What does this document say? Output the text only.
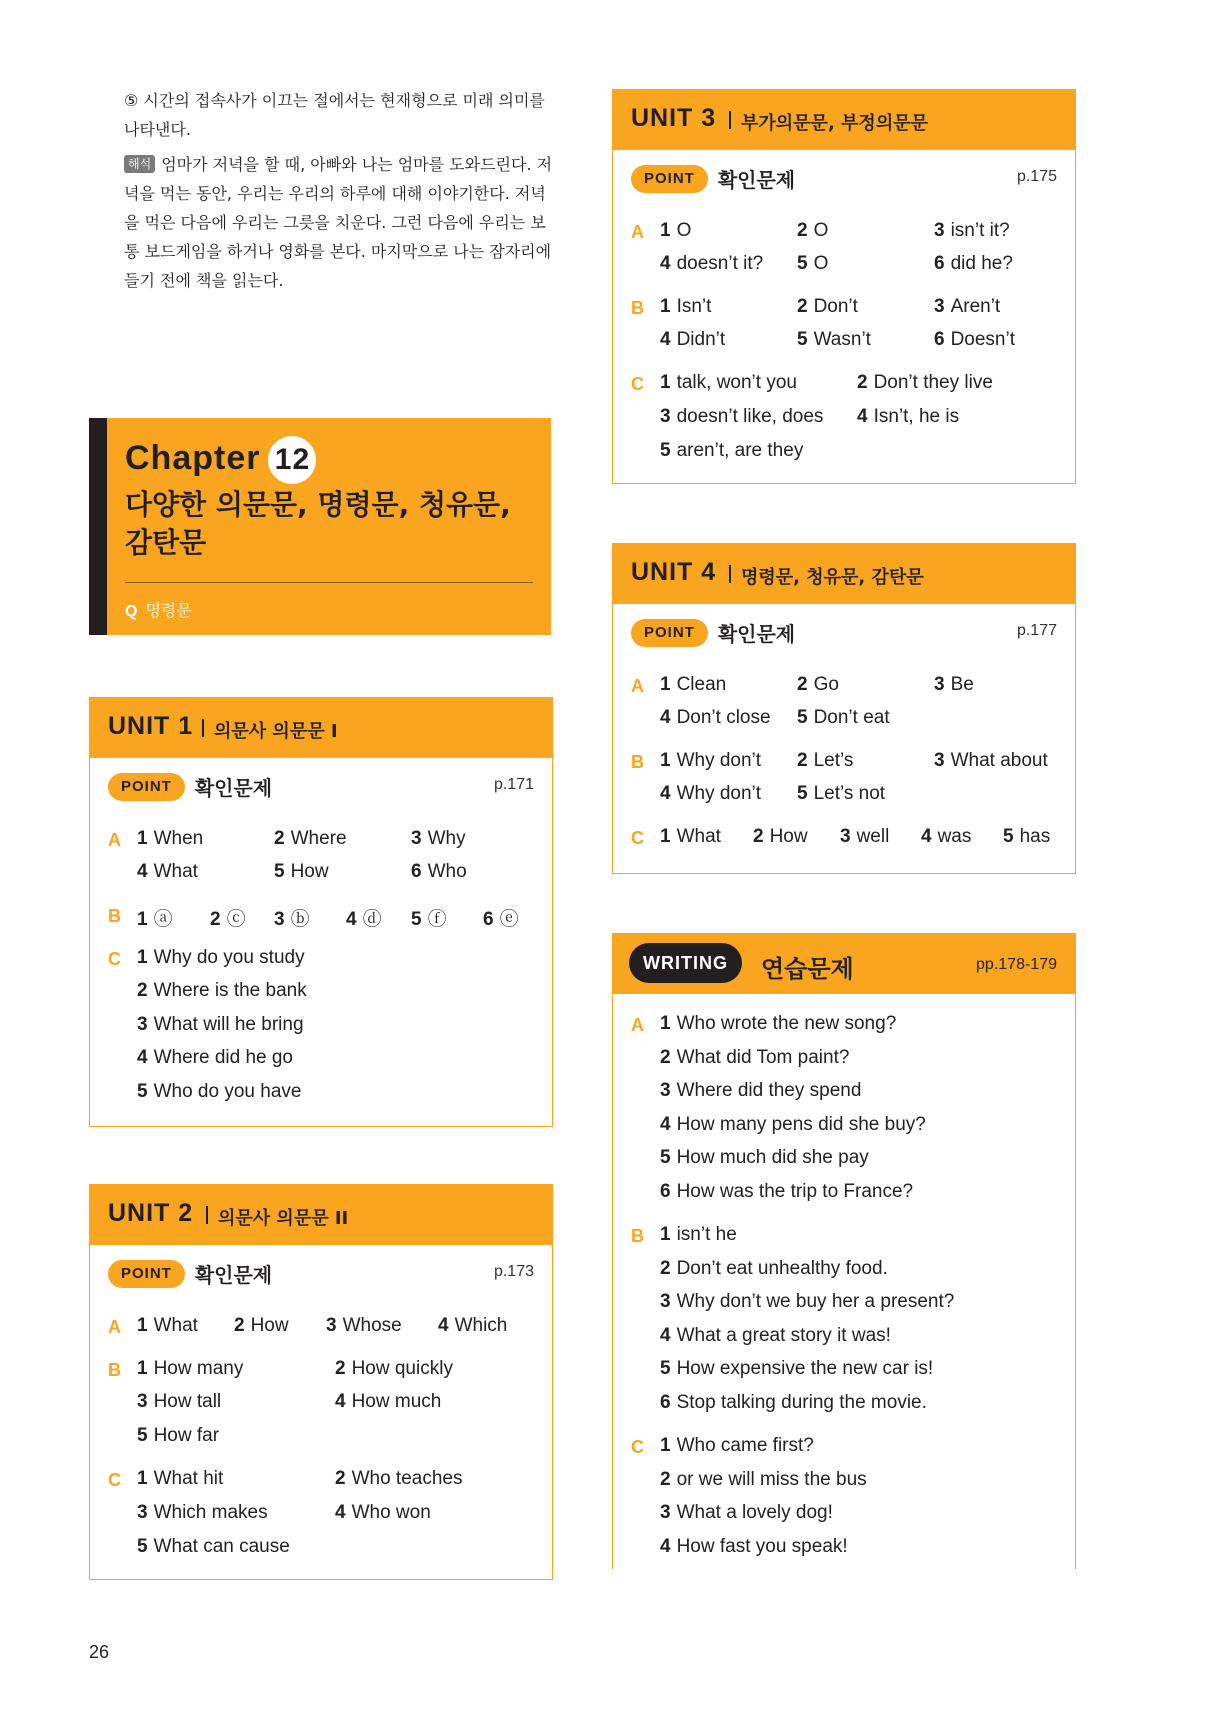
⑤ 시간의 접속사가 이끄는 절에서는 현재형으로 미래 의미를 나타낸다.

해석 엄마가 저녁을 할 때, 아빠와 나는 엄마를 도와드린다. 저녁을 먹는 동안, 우리는 우리의 하루에 대해 이야기한다. 저녁을 먹은 다음에 우리는 그릇을 치운다. 그런 다음에 우리는 보통 보드게임을 하거나 영화를 본다. 마지막으로 나는 잠자리에 들기 전에 책을 읽는다.

Chapter 12
다양한 의문문, 명령문, 청유문, 감탄문
Q 명령문
UNIT 1 의문사 의문문 I
POINT 확인문제	p.171
A 1 When	2 Where	3 Why
4 What	5 How	6 Who
B 1 ⓐ 2 ⓒ 3 ⓑ 4 ⓓ 5 ⓕ 6 ⓔ
C 1 Why do you study
2 Where is the bank
3 What will he bring
4 Where did he go
5 Who do you have
UNIT 2 의문사 의문문 II
POINT 확인문제	p.173
A 1 What 2 How 3 Whose 4 Which
B 1 How many	2 How quickly
3 How tall	4 How much
5 How far
C 1 What hit	2 Who teaches
3 Which makes	4 Who won
5 What can cause
UNIT 3 부가의문문, 부정의문문
POINT 확인문제	p.175
A 1 O	2 O	3 isn’t it?
4 doesn’t it? 5 O	6 did he?
B 1 Isn’t	2 Don’t	3 Aren’t
4 Didn’t	5 Wasn’t	6 Doesn’t
C 1 talk, won’t you	2 Don’t they live
3 doesn’t like, does 4 Isn’t, he is
5 aren’t, are they
UNIT 4 명령문, 청유문, 감탄문
POINT 확인문제	p.177
A 1 Clean	2 Go	3 Be
4 Don’t close 5 Don’t eat
B 1 Why don’t 2 Let’s	3 What about
4 Why don’t 5 Let’s not
C 1 What 2 How 3 well 4 was 5 has
WRITING	연습문제	pp.178-179
A 1 Who wrote the new song?
2 What did Tom paint?
3 Where did they spend
4 How many pens did she buy?
5 How much did she pay
6 How was the trip to France?
B 1 isn’t he
2 Don’t eat unhealthy food.
3 Why don’t we buy her a present?
4 What a great story it was!
5 How expensive the new car is!
6 Stop talking during the movie.
C 1 Who came first?
2 or we will miss the bus
3 What a lovely dog!
4 How fast you speak!
26
